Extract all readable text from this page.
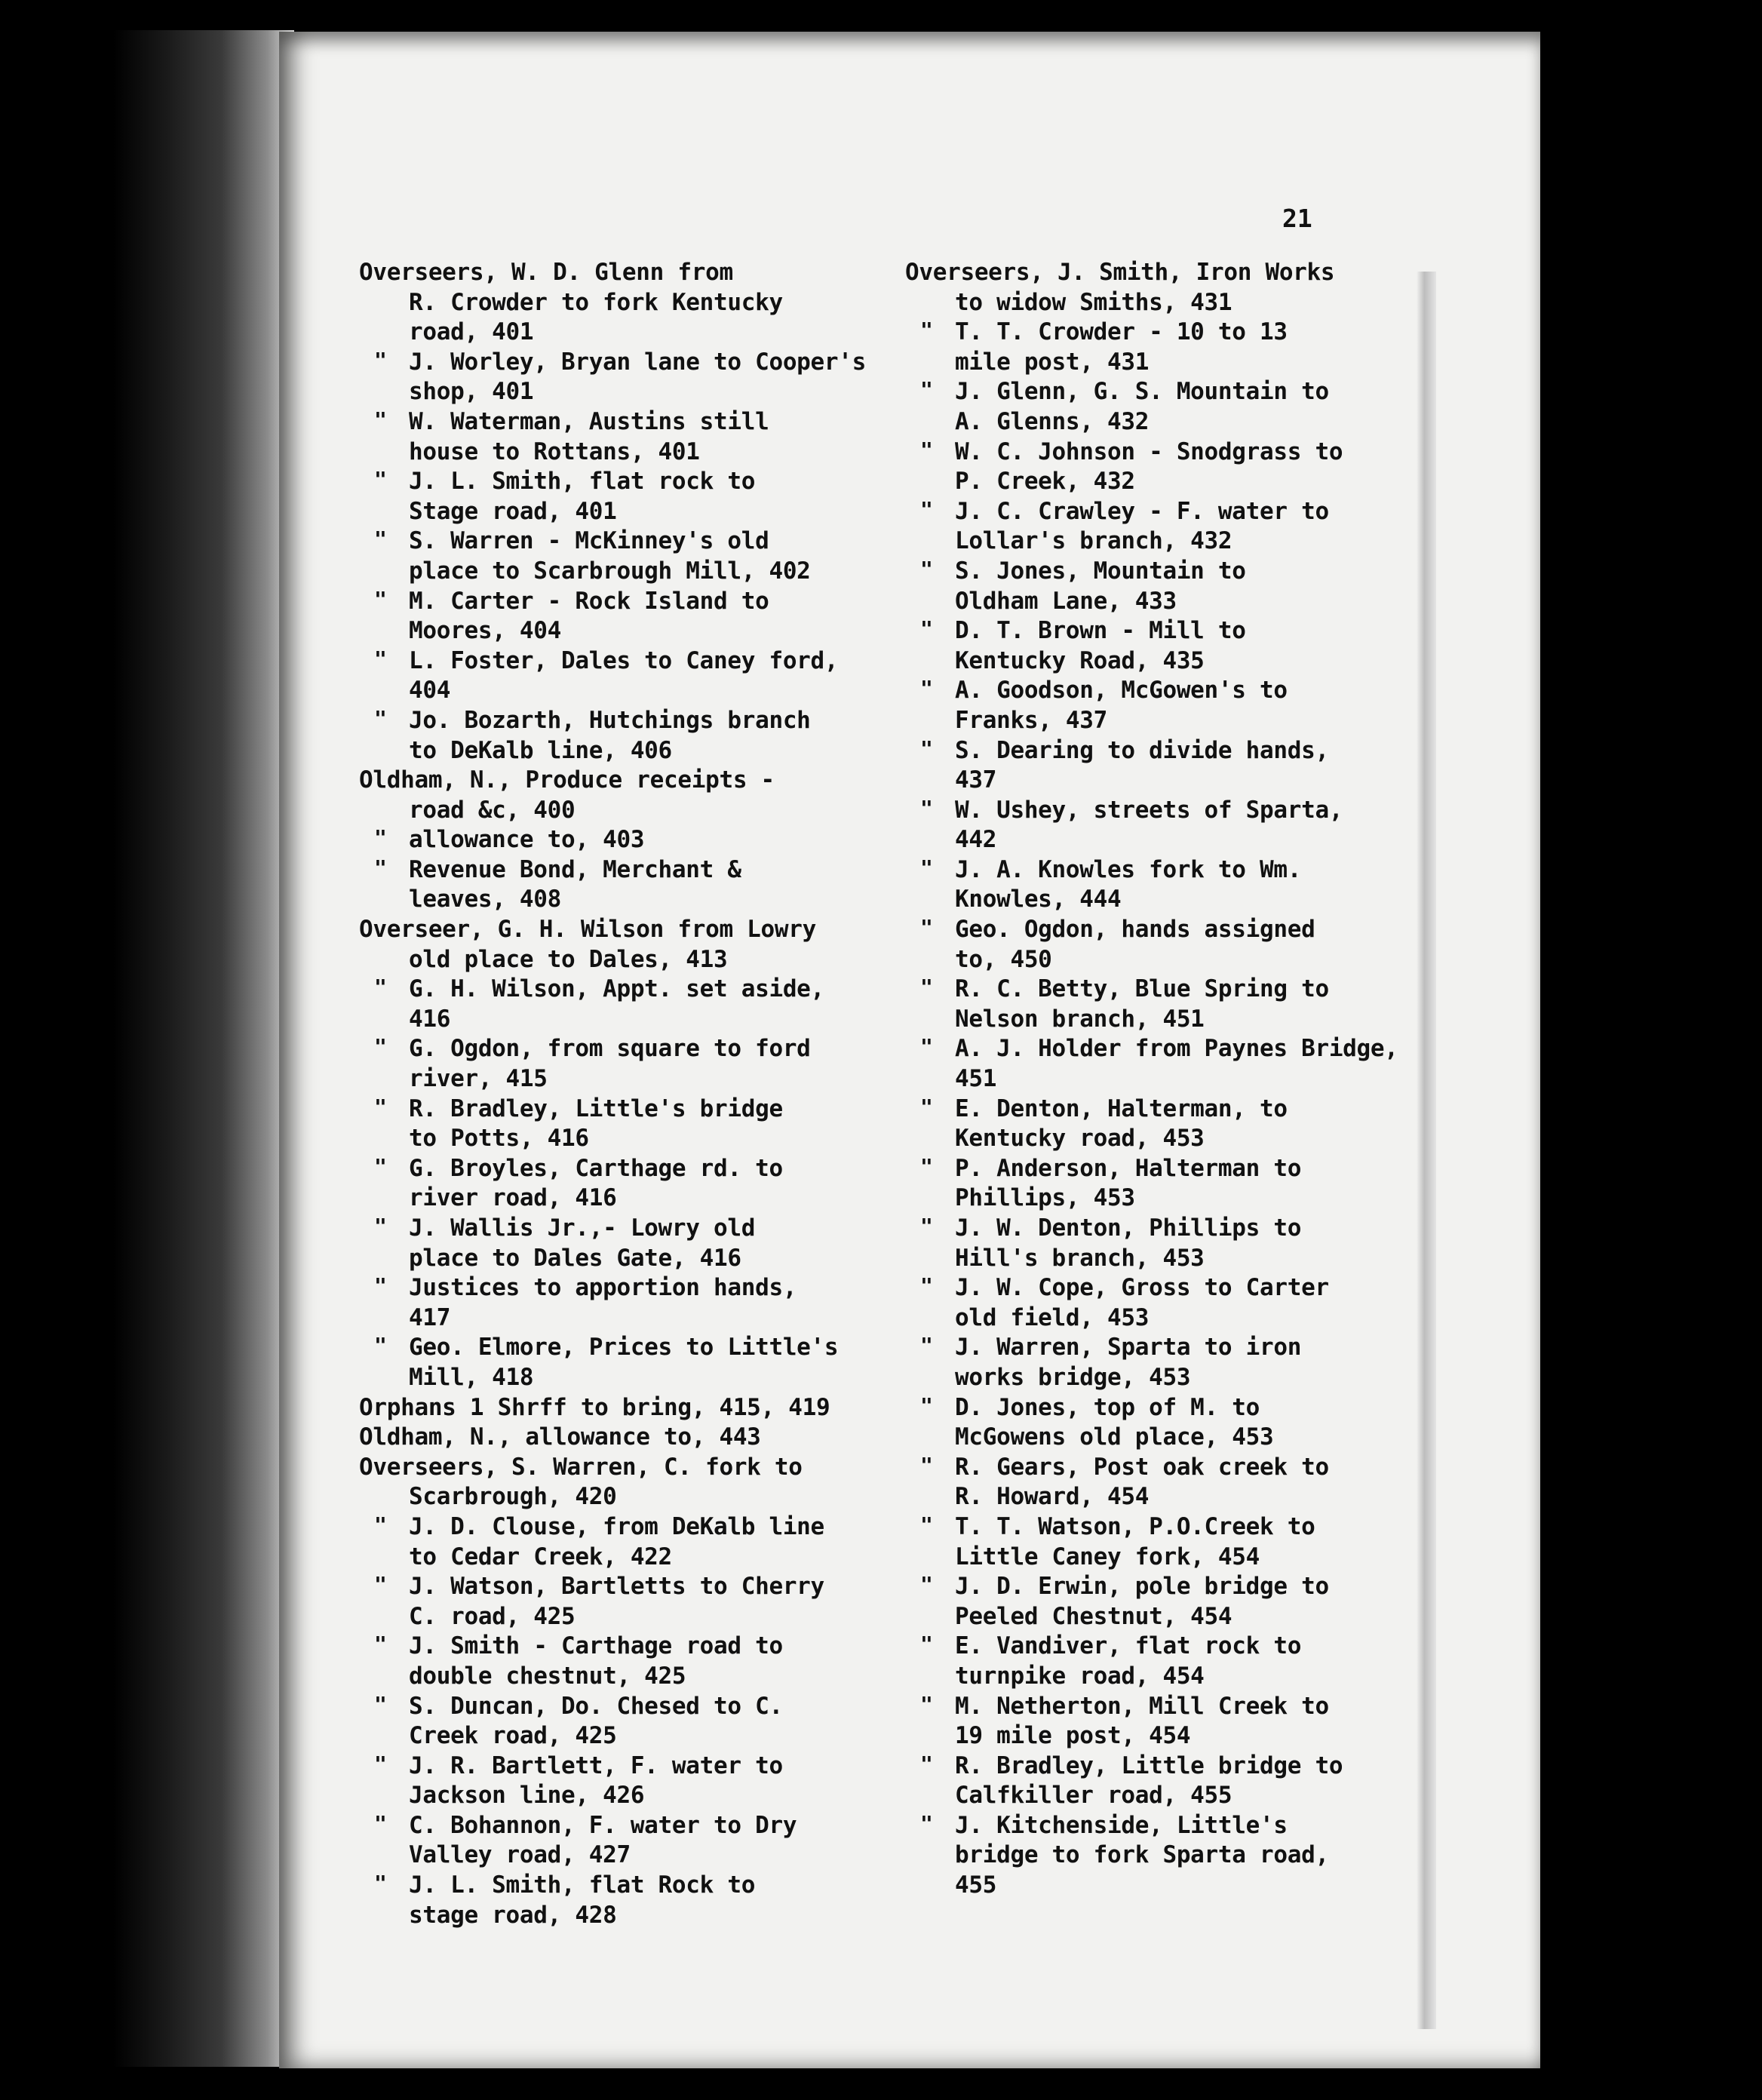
21
Overseers, W. D. Glenn from
R. Crowder to fork Kentucky
road, 401
" J. Worley, Bryan lane to Cooper's
shop, 401
" W. Waterman, Austins still
house to Rottans, 401
" J. L. Smith, flat rock to
Stage road, 401
" S. Warren - McKinney's old
place to Scarbrough Mill, 402
" M. Carter - Rock Island to
Moores, 404
" L. Foster, Dales to Caney ford,
404
" Jo. Bozarth, Hutchings branch
to DeKalb line, 406
Oldham, N., Produce receipts -
road &c, 400
" allowance to, 403
" Revenue Bond, Merchant &
leaves, 408
Overseer, G. H. Wilson from Lowry
old place to Dales, 413
" G. H. Wilson, Appt. set aside,
416
" G. Ogdon, from square to ford
river, 415
" R. Bradley, Little's bridge
to Potts, 416
" G. Broyles, Carthage rd. to
river road, 416
" J. Wallis Jr.,- Lowry old
place to Dales Gate, 416
" Justices to apportion hands,
417
" Geo. Elmore, Prices to Little's
Mill, 418
Orphans 1 Shrff to bring, 415, 419
Oldham, N., allowance to, 443
Overseers, S. Warren, C. fork to
Scarbrough, 420
" J. D. Clouse, from DeKalb line
to Cedar Creek, 422
" J. Watson, Bartletts to Cherry
C. road, 425
" J. Smith - Carthage road to
double chestnut, 425
" S. Duncan, Do. Chesed to C.
Creek road, 425
" J. R. Bartlett, F. water to
Jackson line, 426
" C. Bohannon, F. water to Dry
Valley road, 427
" J. L. Smith, flat Rock to
stage road, 428
Overseers, J. Smith, Iron Works
to widow Smiths, 431
" T. T. Crowder - 10 to 13
mile post, 431
" J. Glenn, G. S. Mountain to
A. Glenns, 432
" W. C. Johnson - Snodgrass to
P. Creek, 432
" J. C. Crawley - F. water to
Lollar's branch, 432
" S. Jones, Mountain to
Oldham Lane, 433
" D. T. Brown - Mill to
Kentucky Road, 435
" A. Goodson, McGowen's to
Franks, 437
" S. Dearing to divide hands,
437
" W. Ushey, streets of Sparta,
442
" J. A. Knowles fork to Wm.
Knowles, 444
" Geo. Ogdon, hands assigned
to, 450
" R. C. Betty, Blue Spring to
Nelson branch, 451
" A. J. Holder from Paynes Bridge,
451
" E. Denton, Halterman, to
Kentucky road, 453
" P. Anderson, Halterman to
Phillips, 453
" J. W. Denton, Phillips to
Hill's branch, 453
" J. W. Cope, Gross to Carter
old field, 453
" J. Warren, Sparta to iron
works bridge, 453
" D. Jones, top of M. to
McGowens old place, 453
" R. Gears, Post oak creek to
R. Howard, 454
" T. T. Watson, P.O.Creek to
Little Caney fork, 454
" J. D. Erwin, pole bridge to
Peeled Chestnut, 454
" E. Vandiver, flat rock to
turnpike road, 454
" M. Netherton, Mill Creek to
19 mile post, 454
" R. Bradley, Little bridge to
Calfkiller road, 455
" J. Kitchenside, Little's
bridge to fork Sparta road,
455
